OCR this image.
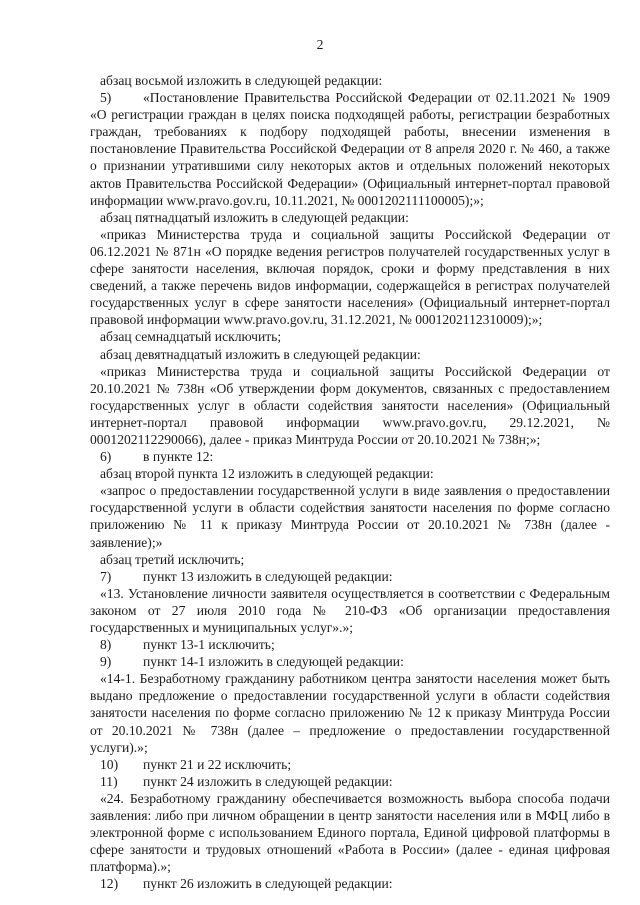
2

абзац восьмой изложить в следующей редакции:

5) «Постановление Правительства Российской Федерации от 02.11.2021 № 1909 «О регистрации граждан в целях поиска подходящей работы, регистрации безработных граждан, требованиях к подбору подходящей работы, внесении изменения в постановление Правительства Российской Федерации от 8 апреля 2020 г. № 460, а также о признании утратившими силу некоторых актов и отдельных положений некоторых актов Правительства Российской Федерации» (Официальный интернет-портал правовой информации www.pravo.gov.ru, 10.11.2021, № 0001202111100005);»;

абзац пятнадцатый изложить в следующей редакции:

«приказ Министерства труда и социальной защиты Российской Федерации от 06.12.2021 № 871н «О порядке ведения регистров получателей государственных услуг в сфере занятости населения, включая порядок, сроки и форму представления в них сведений, а также перечень видов информации, содержащейся в регистрах получателей государственных услуг в сфере занятости населения» (Официальный интернет-портал правовой информации www.pravo.gov.ru, 31.12.2021, № 0001202112310009);»;

абзац семнадцатый исключить;

абзац девятнадцатый изложить в следующей редакции:

«приказ Министерства труда и социальной защиты Российской Федерации от 20.10.2021 № 738н «Об утверждении форм документов, связанных с предоставлением государственных услуг в области содействия занятости населения» (Официальный интернет-портал правовой информации www.pravo.gov.ru, 29.12.2021, № 0001202112290066), далее - приказ Минтруда России от 20.10.2021 № 738н;»;

6) в пункте 12:

абзац второй пункта 12 изложить в следующей редакции:

«запрос о предоставлении государственной услуги в виде заявления о предоставлении государственной услуги в области содействия занятости населения по форме согласно приложению № 11 к приказу Минтруда России от 20.10.2021 № 738н (далее - заявление);»

абзац третий исключить;

7) пункт 13 изложить в следующей редакции:

«13. Установление личности заявителя осуществляется в соответствии с Федеральным законом от 27 июля 2010 года № 210-ФЗ «Об организации предоставления государственных и муниципальных услуг».»;

8) пункт 13-1 исключить;

9) пункт 14-1 изложить в следующей редакции:

«14-1. Безработному гражданину работником центра занятости населения может быть выдано предложение о предоставлении государственной услуги в области содействия занятости населения по форме согласно приложению № 12 к приказу Минтруда России от 20.10.2021 № 738н (далее – предложение о предоставлении государственной услуги).»;

10) пункт 21 и 22 исключить;

11) пункт 24 изложить в следующей редакции:

«24. Безработному гражданину обеспечивается возможность выбора способа подачи заявления: либо при личном обращении в центр занятости населения или в МФЦ либо в электронной форме с использованием Единого портала, Единой цифровой платформы в сфере занятости и трудовых отношений «Работа в России» (далее - единая цифровая платформа).»;

12) пункт 26 изложить в следующей редакции:
